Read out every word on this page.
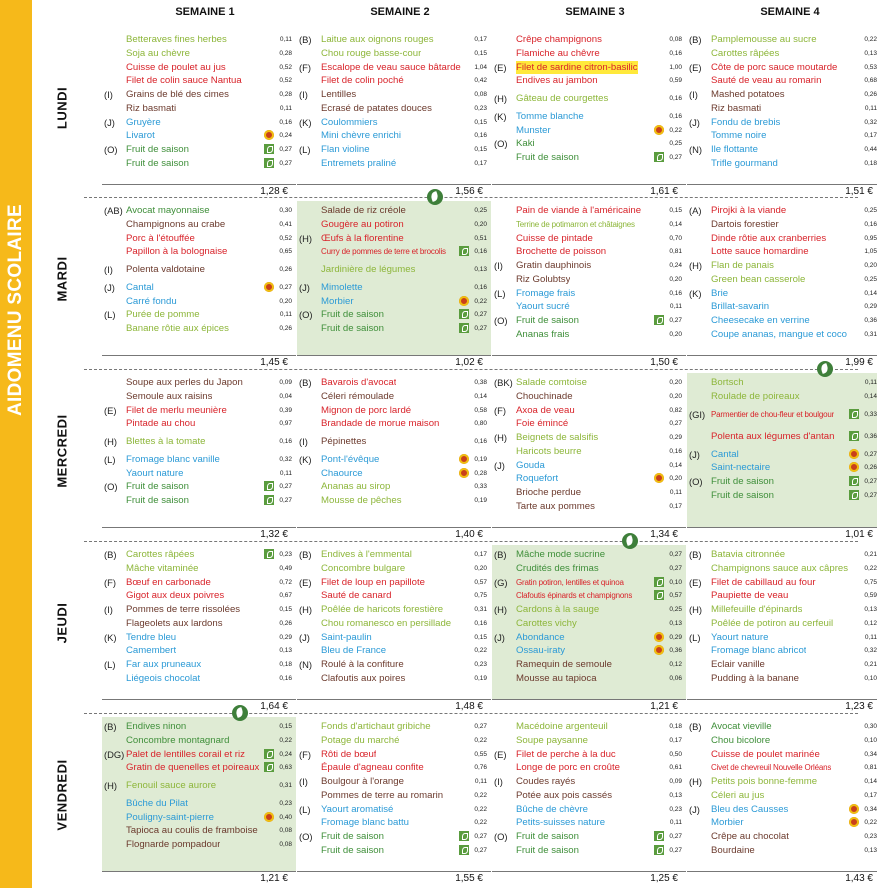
AIDOMENU SCOLAIRE
SEMAINE 1	SEMAINE 2	SEMAINE 3	SEMAINE 4
LUNDI
Betteraves fines herbes	0,11
Soja au chèvre	0,28
Cuisse de poulet au jus	0,52
Filet de colin sauce Nantua	0,52
(I) Grains de blé des cimes	0,28
Riz basmati	0,11
(J) Gruyère	0,16
Livarot	0,24
(O) Fruit de saison	0,27
Fruit de saison	0,27
1,28 €
(B) Laitue aux oignons rouges	0,17
Chou rouge basse-cour	0,15
(F) Escalope de veau sauce bâtarde 1,04
Filet de colin poché	0,42
(I) Lentilles	0,08
Ecrasé de patates douces	0,23
(K) Coulommiers	0,15
Mini chèvre enrichi	0,16
(L) Flan violine	0,15
Entremets praliné	0,17
1,56 €
Crêpe champignons	0,08
Flamiche au chêvre	0,16
(E) Filet de sardine citron-basilic	1,00
Endives au jambon	0,59
(H) Gâteau de courgettes	0,16
(K) Tomme blanche	0,16
Munster	0,22
(O) Kaki	0,25
Fruit de saison	0,27
1,61 €
(B) Pamplemousse au sucre	0,22
Carottes râpées	0,13
(E) Côte de porc sauce moutarde	0,53
Sauté de veau au romarin	0,68
(I) Mashed potatoes	0,26
Riz basmati	0,11
(J) Fondu de brebis	0,32
Tomme noire	0,17
(N) Ile flottante	0,44
Trifle gourmand	0,18
1,51 €
MARDI
(AB) Avocat mayonnaise	0,30
Champignons au crabe	0,41
Porc à l'étouffée	0,52
Papillon à la bolognaise	0,65
(I) Polenta valdotaine	0,26
(J) Cantal	0,27
Carré fondu	0,20
(L) Purée de pomme	0,11
Banane rôtie aux épices	0,26
1,45 €
Salade de riz créole	0,25
Gougère au potiron	0,20
(H) Œufs à la florentine	0,51
Curry de pommes de terre et brocolis	0,16
Jardinière de légumes	0,13
(J) Mimolette	0,16
Morbier	0,22
(O) Fruit de saison	0,27
Fruit de saison	0,27
1,02 €
Pain de viande à l'américaine	0,15
Terrine de potimarron et châtaignes	0,14
Cuisse de pintade	0,70
Brochette de poisson	0,81
(I) Gratin dauphinois	0,24
Riz Golubtsy	0,20
(L) Fromage frais	0,16
Yaourt sucré	0,11
(O) Fruit de saison	0,27
Ananas frais	0,20
1,50 €
(A) Pirojki à la viande	0,25
Dartois forestier	0,16
Dinde rôtie aux cranberries	0,95
Lotte sauce homardine	1,05
(H) Flan de panais	0,20
Green bean casserole	0,25
(K) Brie	0,14
Brillat-savarin	0,29
Cheesecake en verrine	0,36
Coupe ananas, mangue et coco	0,31
1,99 €
MERCREDI
Soupe aux perles du Japon	0,09
Semoule aux raisins	0,04
(E) Filet de merlu meunière	0,39
Pintade au chou	0,97
(H) Blettes à la tomate	0,16
(L) Fromage blanc vanille	0,32
Yaourt nature	0,11
(O) Fruit de saison	0,27
Fruit de saison	0,27
1,32 €
(B) Bavarois d'avocat	0,38
Céleri rémoulade	0,14
Mignon de porc lardé	0,58
Brandade de morue maison	0,80
(I) Pépinettes	0,16
(K) Pont-l'évêque	0,19
Chaource	0,28
Ananas au sirop	0,33
Mousse de pêches	0,19
1,40 €
(BK) Salade comtoise	0,20
Chouchinade	0,20
(F) Axoa de veau	0,82
Foie émincé	0,27
(H) Beignets de salsifis	0,29
Haricots beurre	0,16
(J) Gouda	0,14
Roquefort	0,20
Brioche perdue	0,11
Tarte aux pommes	0,17
1,34 €
Bortsch	0,11
Roulade de poireaux	0,14
(GI) Parmentier de chou-fleur et boulgour	0,33
Polenta aux légumes d'antan	0,36
(J) Cantal	0,27
Saint-nectaire	0,26
(O) Fruit de saison	0,27
Fruit de saison	0,27
1,01 €
JEUDI
(B) Carottes râpées	0,23
Mâche vitaminée	0,49
(F) Bœuf en carbonade	0,72
Gigot aux deux poivres	0,67
(I) Pommes de terre rissolées	0,15
Flageolets aux lardons	0,26
(K) Tendre bleu	0,29
Camembert	0,13
(L) Far aux pruneaux	0,18
Liégeois chocolat	0,16
1,64 €
(B) Endives à l'emmental	0,17
Concombre bulgare	0,20
(E) Filet de loup en papillote	0,57
Sauté de canard	0,75
(H) Poêlée de haricots forestière	0,31
Chou romanesco en persillade	0,16
(J) Saint-paulin	0,15
Bleu de France	0,22
(N) Roulé à la confiture	0,23
Clafoutis aux poires	0,19
1,48 €
(B) Mâche mode sucrine	0,27
Crudités des frimas	0,27
(G) Gratin potiron, lentilles et quinoa	0,10
Clafoutis épinards et champignons	0,57
(H) Cardons à la sauge	0,25
Carottes vichy	0,13
(J) Abondance	0,29
Ossau-iraty	0,36
Ramequin de semoule	0,12
Mousse au tapioca	0,06
1,21 €
(B) Batavia citronnée	0,21
Champignons sauce aux câpres	0,22
(E) Filet de cabillaud au four	0,75
Paupiette de veau	0,59
(H) Millefeuille d'épinards	0,13
Poêlée de potiron au cerfeuil	0,12
(L) Yaourt nature	0,11
Fromage blanc abricot	0,32
Eclair vanille	0,21
Pudding à la banane	0,10
1,23 €
VENDREDI
(B) Endives ninon	0,15
Concombre montagnard	0,22
(DG) Palet de lentilles corail et riz	0,24
Gratin de quenelles et poireaux	0,63
(H) Fenouil sauce aurore	0,31
Bûche du Pilat	0,23
Pouligny-saint-pierre	0,40
Tapioca au coulis de framboise	0,08
Flognarde pompadour	0,08
1,21 €
Fonds d'artichaut gribiche	0,27
Potage du marché	0,22
(F) Rôti de bœuf	0,55
Épaule d'agneau confite	0,76
(I) Boulgour à l'orange	0,11
Pommes de terre au romarin	0,22
(L) Yaourt aromatisé	0,22
Fromage blanc battu	0,22
(O) Fruit de saison	0,27
Fruit de saison	0,27
1,55 €
Macédoine argenteuil	0,18
Soupe paysanne	0,17
(E) Filet de perche à la duc	0,50
Longe de porc en croûte	0,61
(I) Coudes rayés	0,09
Potée aux pois cassés	0,13
Bûche de chèvre	0,23
Petits-suisses nature	0,11
(O) Fruit de saison	0,27
Fruit de saison	0,27
1,25 €
(B) Avocat vieville	0,30
Chou bicolore	0,10
Cuisse de poulet marinée	0,34
Civet de chevreuil Nouvelle Orléans	0,81
(H) Petits pois bonne-femme	0,14
Céleri au jus	0,17
(J) Bleu des Causses	0,34
Morbier	0,22
Crêpe au chocolat	0,23
Bourdaine	0,13
1,43 €
